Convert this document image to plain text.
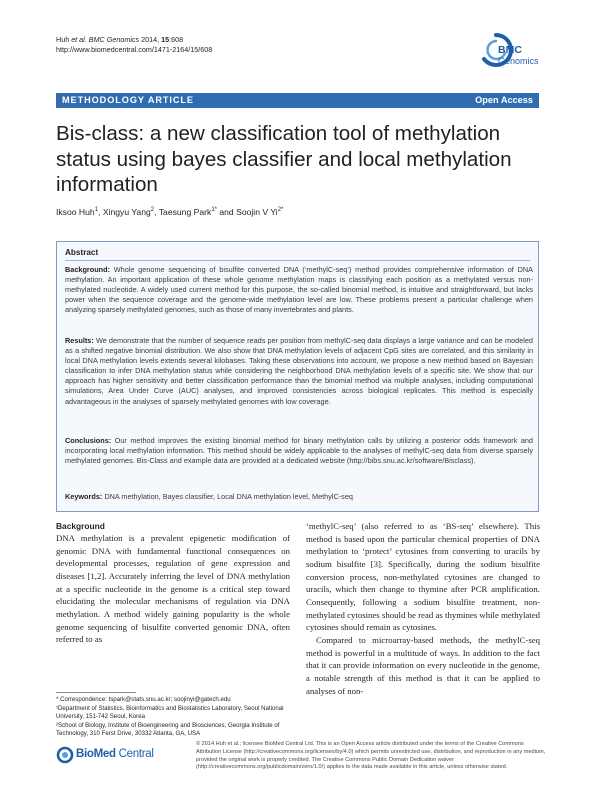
Huh et al. BMC Genomics 2014, 15:608
http://www.biomedcentral.com/1471-2164/15/608	BMC
Genomics
METHODOLOGY ARTICLE	Open Access
Bis-class: a new classification tool of methylation status using bayes classifier and local methylation information
Iksoo Huh$^1$, Xingyu Yang$^2$, Taesung Park$^{1*}$ and Soojin V $Yi^{2*}$
Abstract

Background: Whole genome sequencing of bisulfite converted DNA (‘methylC-seq’) method provides comprehensive information of DNA methylation. An important application of these whole genome methylation maps is classifying each position as a methylated versus non-methylated nucleotide. A widely used current method for this purpose, the so-called binomial method, is intuitive and straightforward, but lacks power when the sequence coverage and the genome-wide methylation level are low. These problems present a particular challenge when analyzing sparsely methylated genomes, such as those of many invertebrates and plants.

Results: We demonstrate that the number of sequence reads per position from methylC-seq data displays a large variance and can be modeled as a shifted negative binomial distribution. We also show that DNA methylation levels of adjacent CpG sites are correlated, and this similarity in local DNA methylation levels extends several kilobases. Taking these observations into account, we propose a new method based on Bayesian classification to infer DNA methylation status while considering the neighborhood DNA methylation levels of a specific site. We show that our approach has higher sensitivity and better classification performance than the binomial method via multiple analyses, including computational simulations, Area Under Curve (AUC) analyses, and improved consistencies across biological replicates. This method is especially advantageous in the analyses of sparsely methylated genomes with low coverage.

Conclusions: Our method improves the existing binomial method for binary methylation calls by utilizing a posterior odds framework and incorporating local methylation information. This method should be widely applicable to the analyses of methylC-seq data from diverse sparsely methylated genomes. Bis-Class and example data are provided at a dedicated website (http://bibs.snu.ac.kr/software/Bisclass).

Keywords: DNA methylation, Bayes classifier, Local DNA methylation level, MethylC-seq

Background

DNA methylation is a prevalent epigenetic modification of genomic DNA with fundamental functional consequences on developmental processes, regulation of gene expression and diseases [1,2]. Accurately inferring the level of DNA methylation at a specific nucleotide in the genome is a critical step toward elucidating the molecular mechanisms of regulation via DNA methylation. A method widely gaining popularity is the whole genome sequencing of bisulfite converted genomic DNA, often referred to as

‘methylC-seq’ (also referred to as ‘BS-seq’ elsewhere). This method is based upon the particular chemical properties of DNA methylation to ‘protect’ cytosines from converting to uracils by sodium bisulfite [3]. Specifically, during the sodium bisulfite conversion process, non-methylated cytosines are changed to uracils, which then change to thymine after PCR amplification. Consequently, following a sodium bisulfite treatment, non-methylated cytosines should be read as thymines while methylated cytosines should remain as cytosines.

Compared to microarray-based methods, the methylC-seq method is powerful in a multitude of ways. In addition to the fact that it can provide information on every nucleotide in the genome, a notable strength of this method is that it can be applied to analyses of non-

* Correspondence: tspark@stats.snu.ac.kr; soojinyi@gatech.edu
¹Department of Statistics, Bioinformatics and Biostatistics Laboratory, Seoul National University, 151-742 Seoul, Korea
²School of Biology, Institute of Bioengineering and Biosciences, Georgia Institute of Technology, 310 Ferst Drive, 30332 Atlanta, GA, USA
BioMed Central
© 2014 Huh et al.; licensee BioMed Central Ltd. This is an Open Access article distributed under the terms of the Creative Commons Attribution License (http://creativecommons.org/licenses/by/4.0) which permits unrestricted use, distribution, and reproduction in any medium, provided the original work is properly credited. The Creative Commons Public Domain Dedication waiver (http://creativecommons.org/publicdomain/zero/1.0/) applies to the data made available in this article, unless otherwise stated.
